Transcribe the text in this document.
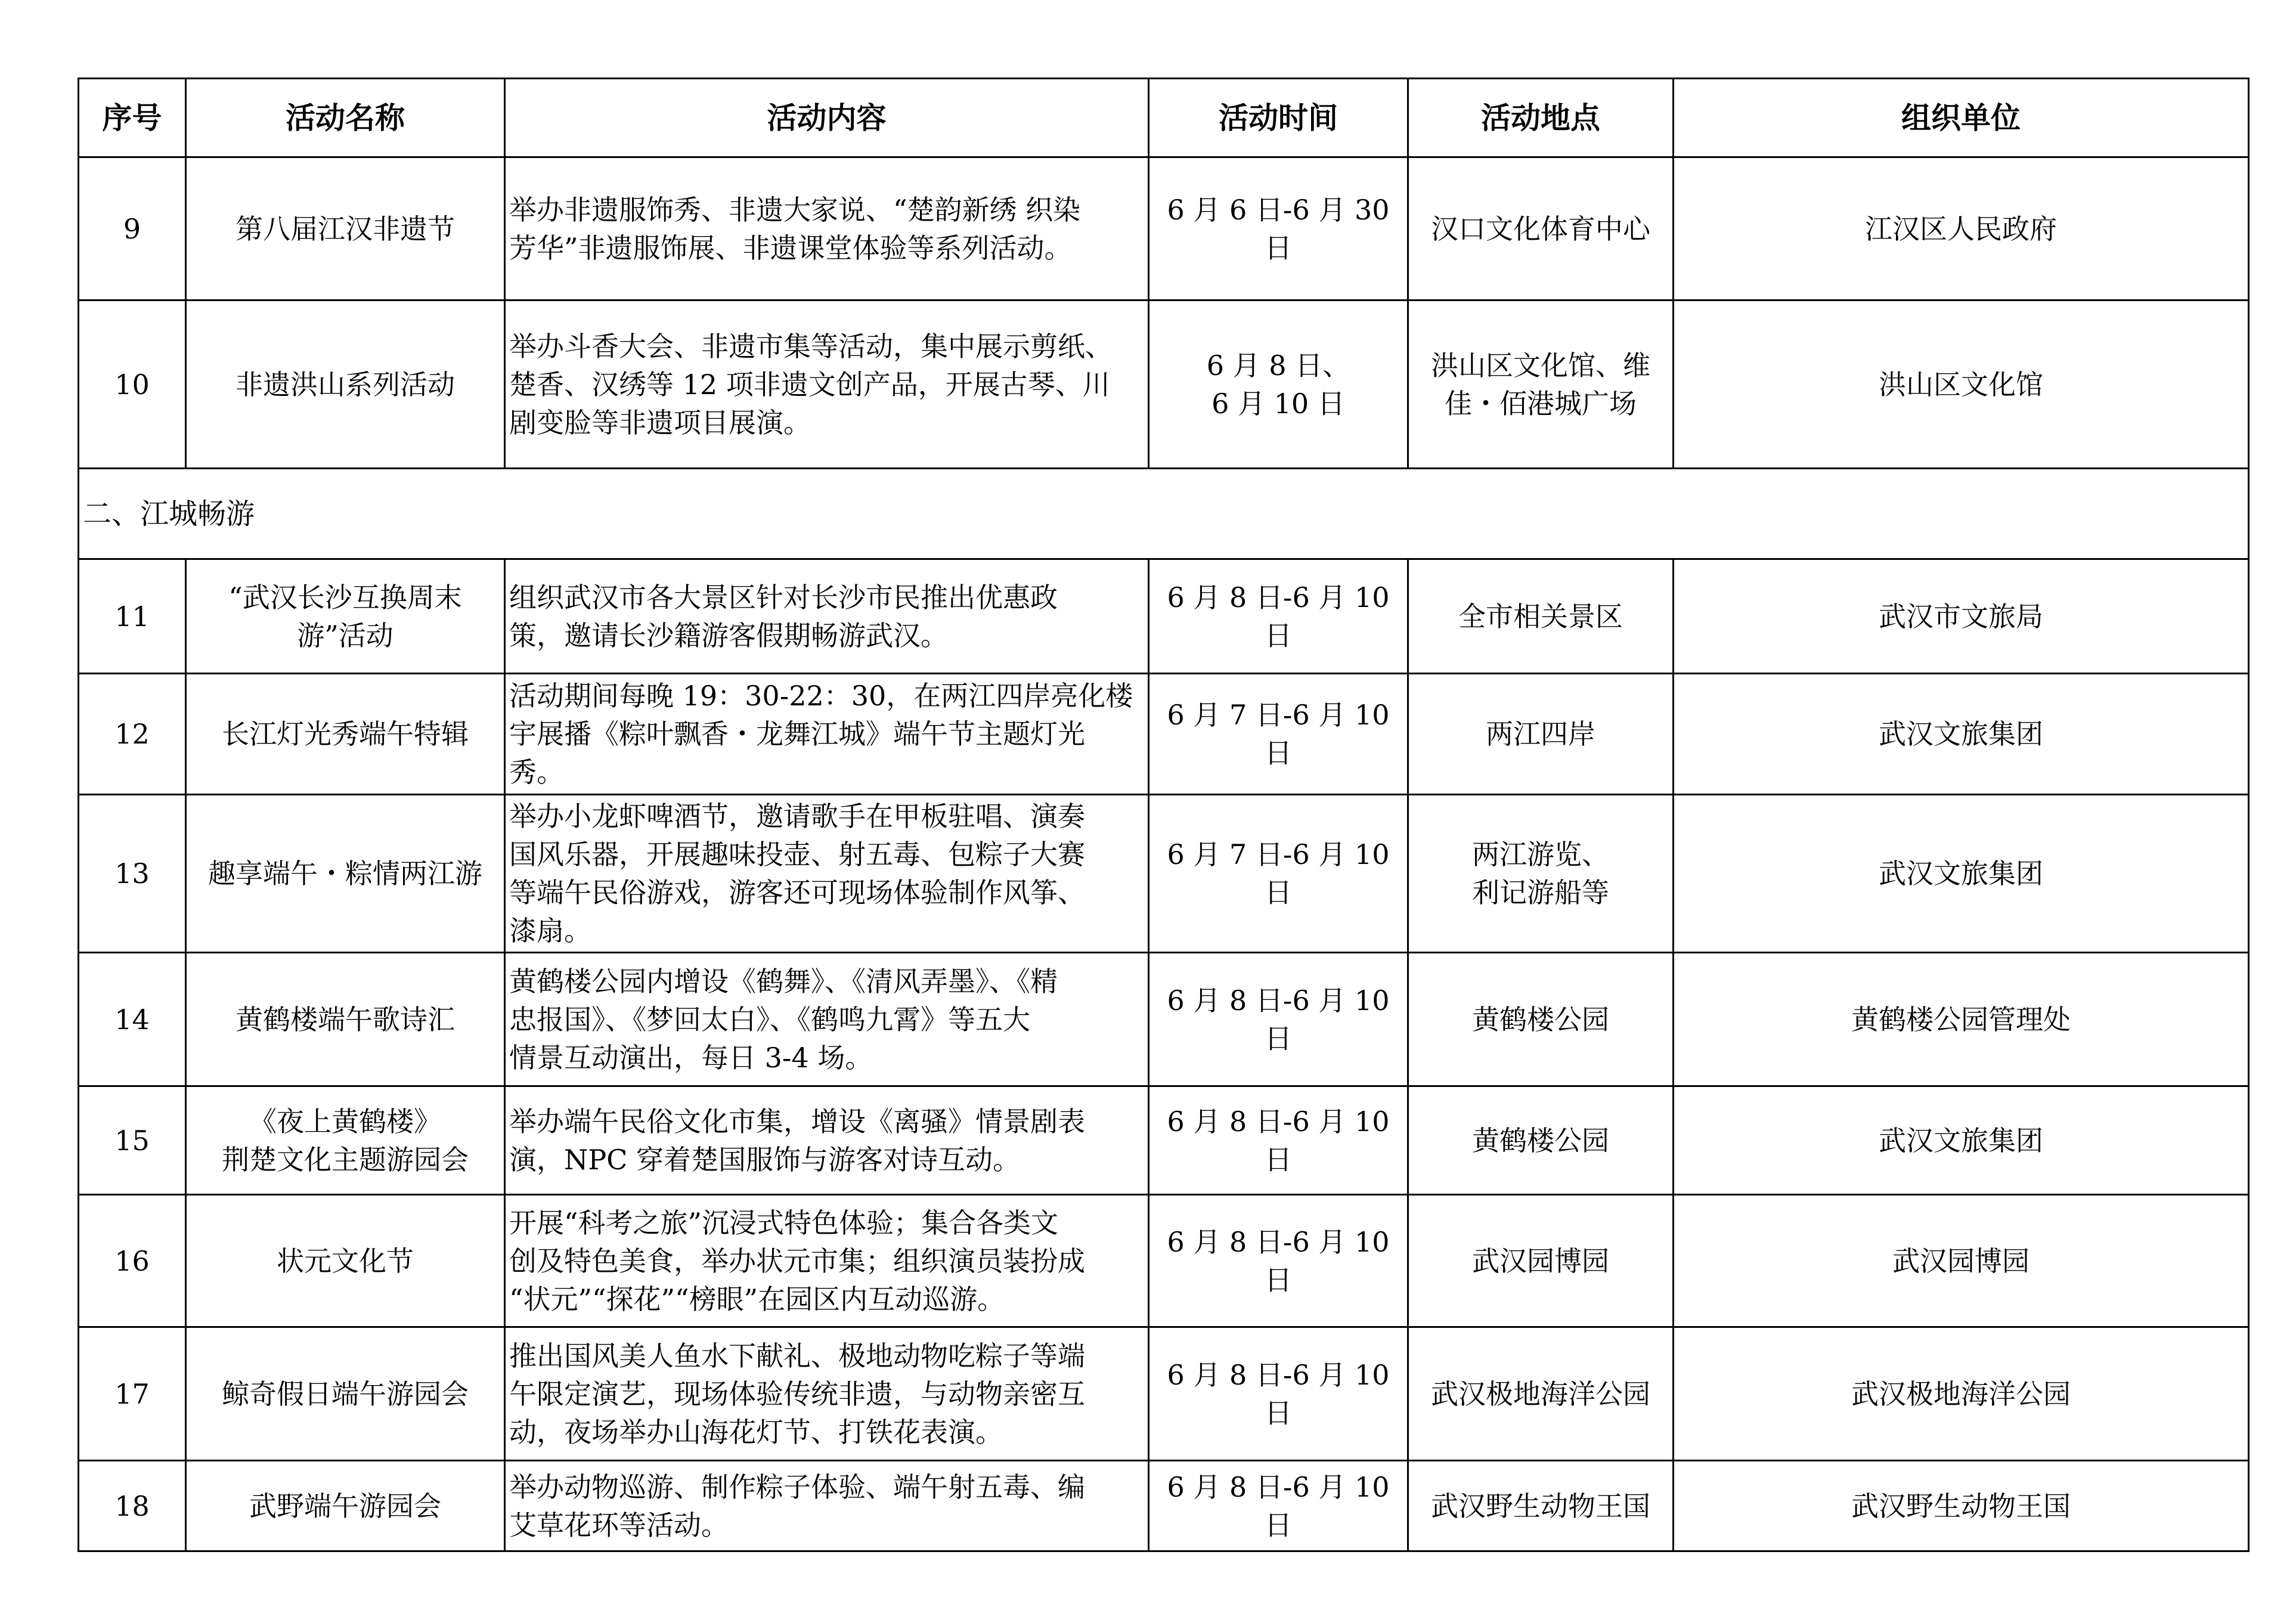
序号	活动名称	活动内容	活动时间	活动地点	组织单位
9	第八届江汉非遗节	举办非遗服饰秀、非遗大家说、“楚韵新绣 织染
芳华”非遗服饰展、非遗课堂体验等系列活动。	6 月 6 日-6 月 30 日	汉口文化体育中心	江汉区人民政府
10	非遗洪山系列活动	举办斗香大会、非遗市集等活动，集中展示剪纸、
楚香、汉绣等 12 项非遗文创产品，开展古琴、川
剧变脸等非遗项目展演。	6 月 8 日、
6 月 10 日	洪山区文化馆、维
佳・佰港城广场	洪山区文化馆
二、江城畅游					
11	“武汉长沙互换周末
游”活动	组织武汉市各大景区针对长沙市民推出优惠政
策，邀请长沙籍游客假期畅游武汉。	6 月 8 日-6 月 10 日	全市相关景区	武汉市文旅局
12	长江灯光秀端午特辑	活动期间每晚 19：30-22：30，在两江四岸亮化楼
宇展播《粽叶飘香・龙舞江城》端午节主题灯光
秀。	6 月 7 日-6 月 10 日	两江四岸	武汉文旅集团
13	趣享端午・粽情两江游	举办小龙虾啤酒节，邀请歌手在甲板驻唱、演奏
国风乐器，开展趣味投壶、射五毒、包粽子大赛
等端午民俗游戏，游客还可现场体验制作风筝、
漆扇。	6 月 7 日-6 月 10 日	两江游览、
利记游船等	武汉文旅集团
14	黄鹤楼端午歌诗汇	黄鹤楼公园内增设《鹤舞》、《清风弄墨》、《精
忠报国》、《梦回太白》、《鹤鸣九霄》等五大
情景互动演出，每日 3-4 场。	6 月 8 日-6 月 10 日	黄鹤楼公园	黄鹤楼公园管理处
15	《夜上黄鹤楼》
荆楚文化主题游园会	举办端午民俗文化市集，增设《离骚》情景剧表
演，NPC 穿着楚国服饰与游客对诗互动。	6 月 8 日-6 月 10 日	黄鹤楼公园	武汉文旅集团
16	状元文化节	开展“科考之旅”沉浸式特色体验；集合各类文
创及特色美食，举办状元市集；组织演员装扮成
“状元”“探花”“榜眼”在园区内互动巡游。	6 月 8 日-6 月 10 日	武汉园博园	武汉园博园
17	鲸奇假日端午游园会	推出国风美人鱼水下献礼、极地动物吃粽子等端
午限定演艺，现场体验传统非遗，与动物亲密互
动，夜场举办山海花灯节、打铁花表演。	6 月 8 日-6 月 10 日	武汉极地海洋公园	武汉极地海洋公园
18	武野端午游园会	举办动物巡游、制作粽子体验、端午射五毒、编
艾草花环等活动。	6 月 8 日-6 月 10 日	武汉野生动物王国	武汉野生动物王国
